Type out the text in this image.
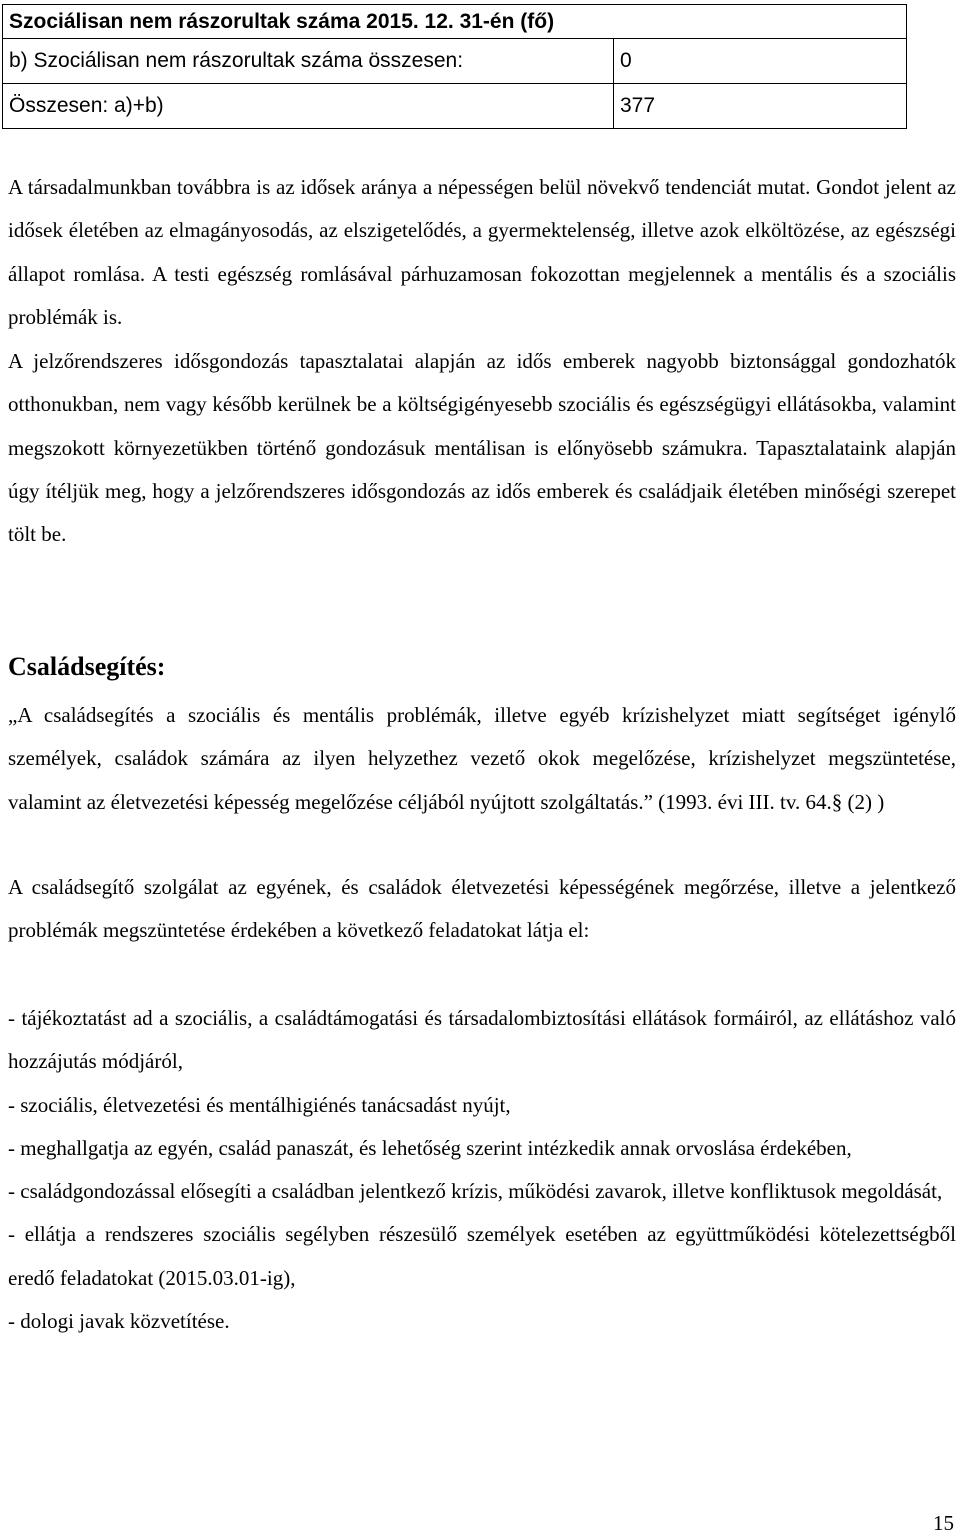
Szociálisan nem rászorultak száma 2015. 12. 31-én (fő)	
b) Szociálisan nem rászorultak száma összesen:	0
Összesen: a)+b)	377

A társadalmunkban továbbra is az idősek aránya a népességen belül növekvő tendenciát mutat. Gondot jelent az idősek életében az elmagányosodás, az elszigetelődés, a gyermektelenség, illetve azok elköltözése, az egészségi állapot romlása. A testi egészség romlásával párhuzamosan fokozottan megjelennek a mentális és a szociális problémák is.

A jelzőrendszeres idősgondozás tapasztalatai alapján az idős emberek nagyobb biztonsággal gondozhatók otthonukban, nem vagy később kerülnek be a költségigényesebb szociális és egészségügyi ellátásokba, valamint megszokott környezetükben történő gondozásuk mentálisan is előnyösebb számukra. Tapasztalataink alapján úgy ítéljük meg, hogy a jelzőrendszeres idősgondozás az idős emberek és családjaik életében minőségi szerepet tölt be.

Családsegítés:

„A családsegítés a szociális és mentális problémák, illetve egyéb krízishelyzet miatt segítséget igénylő személyek, családok számára az ilyen helyzethez vezető okok megelőzése, krízishelyzet megszüntetése, valamint az életvezetési képesség megelőzése céljából nyújtott szolgáltatás.” (1993. évi III. tv. 64.§ (2) )

A családsegítő szolgálat az egyének, és családok életvezetési képességének megőrzése, illetve a jelentkező problémák megszüntetése érdekében a következő feladatokat látja el:

- tájékoztatást ad a szociális, a családtámogatási és társadalombiztosítási ellátások formáiról, az ellátáshoz való hozzájutás módjáról,

- szociális, életvezetési és mentálhigiénés tanácsadást nyújt,

- meghallgatja az egyén, család panaszát, és lehetőség szerint intézkedik annak orvoslása érdekében,

- családgondozással elősegíti a családban jelentkező krízis, működési zavarok, illetve konfliktusok megoldását,

- ellátja a rendszeres szociális segélyben részesülő személyek esetében az együttműködési kötelezettségből eredő feladatokat (2015.03.01-ig),

- dologi javak közvetítése.

15
